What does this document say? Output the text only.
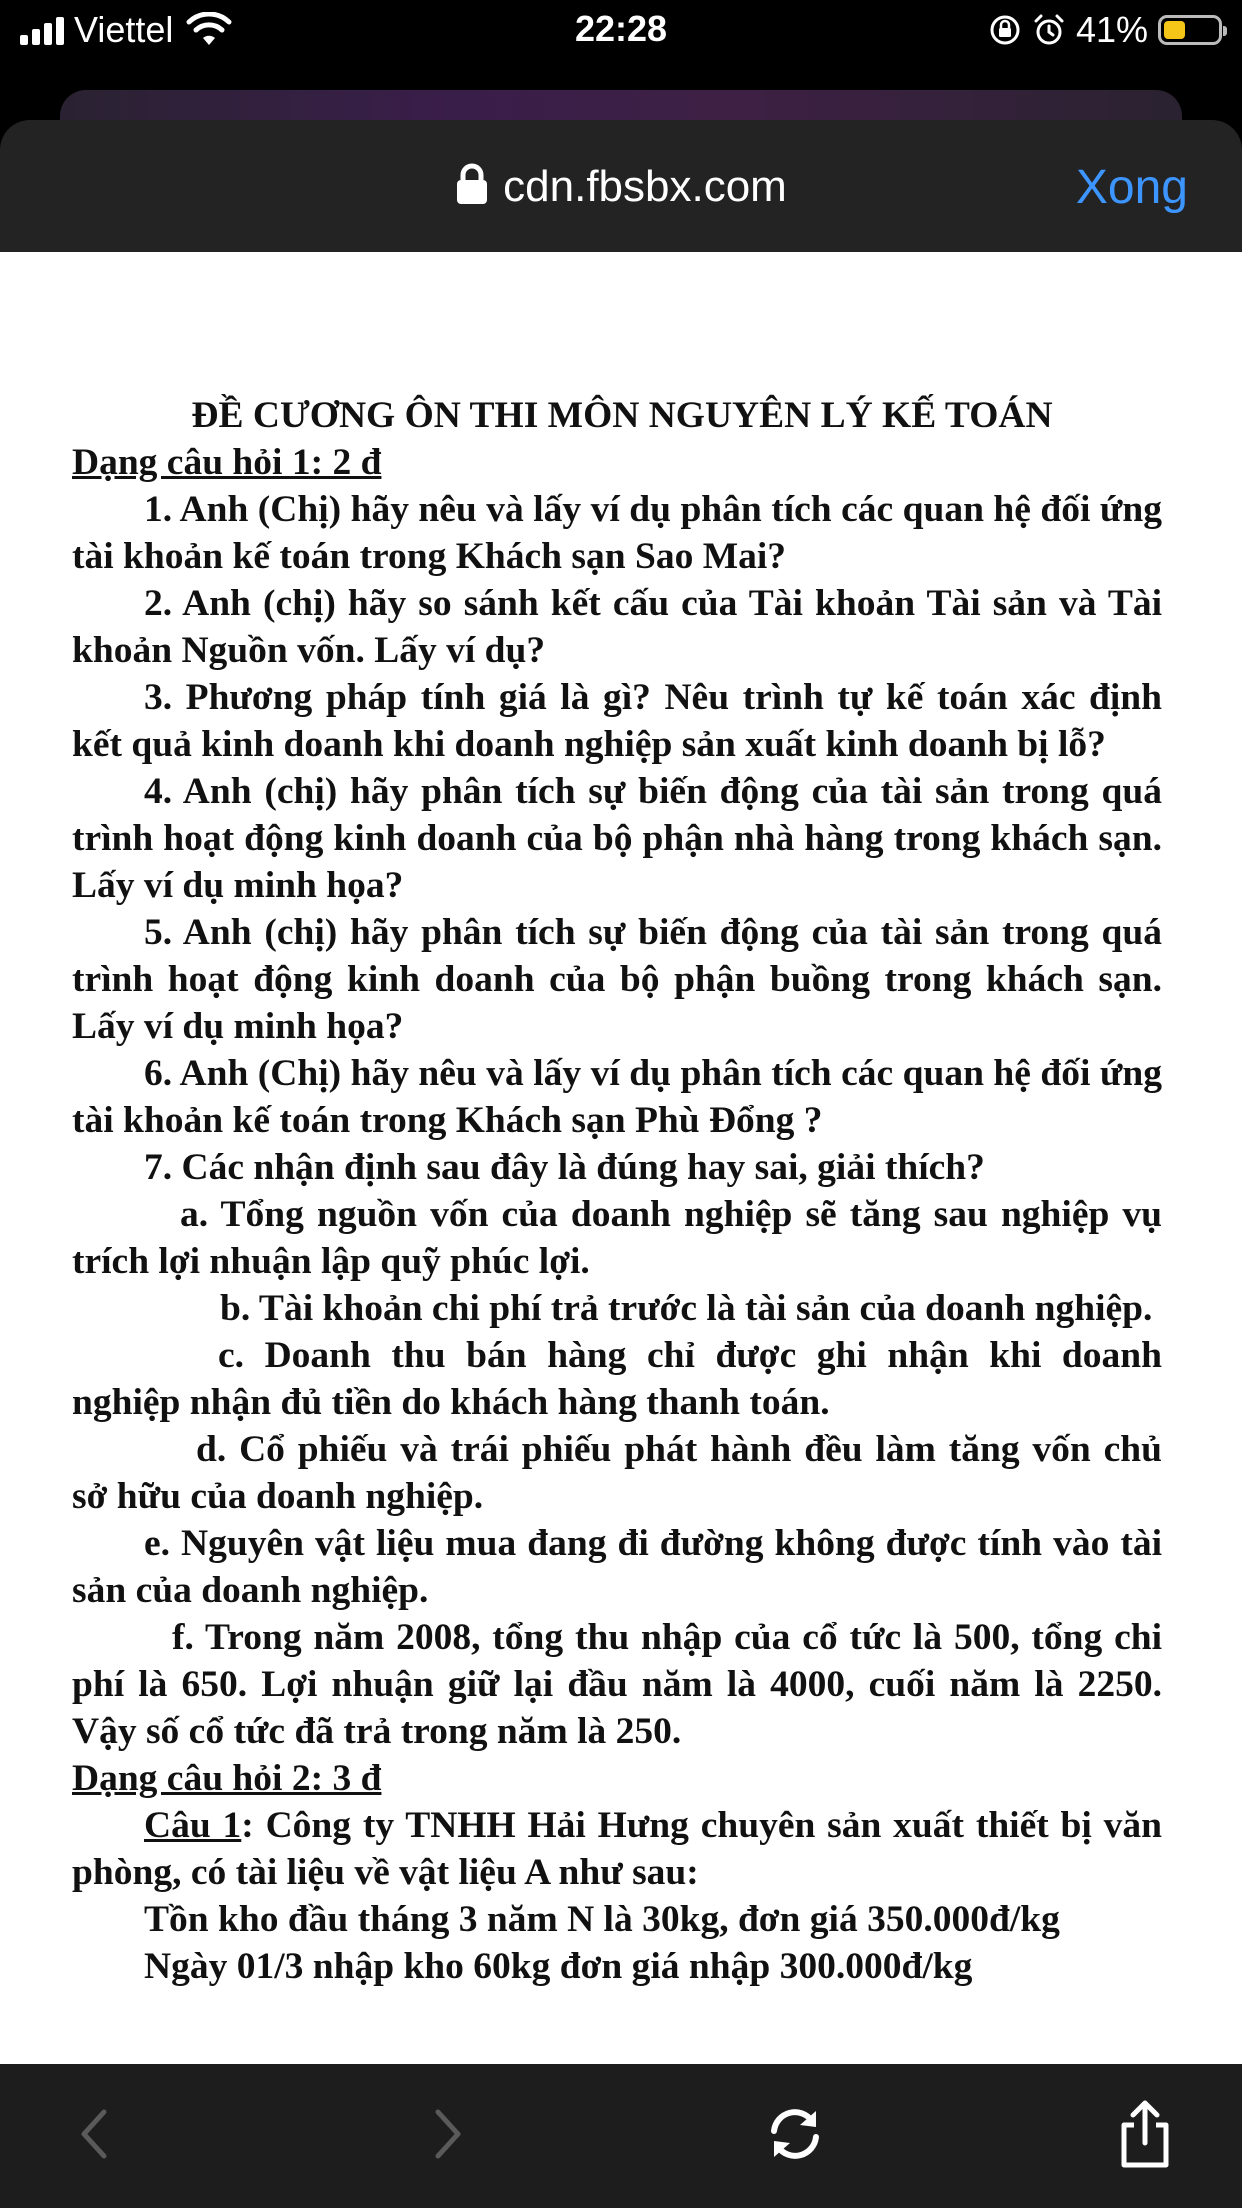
Viettel	22:28	41%
cdn.fbsbx.com	Xong

ĐỀ CƯƠNG ÔN THI MÔN NGUYÊN LÝ KẾ TOÁN

Dạng câu hỏi 1: 2 đ

1. Anh (Chị) hãy nêu và lấy ví dụ phân tích các quan hệ đối ứng tài khoản kế toán trong Khách sạn Sao Mai?

2. Anh (chị) hãy so sánh kết cấu của Tài khoản Tài sản và Tài khoản Nguồn vốn. Lấy ví dụ?

3. Phương pháp tính giá là gì? Nêu trình tự kế toán xác định kết quả kinh doanh khi doanh nghiệp sản xuất kinh doanh bị lỗ?

4. Anh (chị) hãy phân tích sự biến động của tài sản trong quá trình hoạt động kinh doanh của bộ phận nhà hàng trong khách sạn. Lấy ví dụ minh họa?

5. Anh (chị) hãy phân tích sự biến động của tài sản trong quá trình hoạt động kinh doanh của bộ phận buồng trong khách sạn. Lấy ví dụ minh họa?

6. Anh (Chị) hãy nêu và lấy ví dụ phân tích các quan hệ đối ứng tài khoản kế toán trong Khách sạn Phù Đổng ?

7. Các nhận định sau đây là đúng hay sai, giải thích?

a. Tổng nguồn vốn của doanh nghiệp sẽ tăng sau nghiệp vụ trích lợi nhuận lập quỹ phúc lợi.

b. Tài khoản chi phí trả trước là tài sản của doanh nghiệp.

c. Doanh thu bán hàng chỉ được ghi nhận khi doanh nghiệp nhận đủ tiền do khách hàng thanh toán.

d. Cổ phiếu và trái phiếu phát hành đều làm tăng vốn chủ sở hữu của doanh nghiệp.

e. Nguyên vật liệu mua đang đi đường không được tính vào tài sản của doanh nghiệp.

f. Trong năm 2008, tổng thu nhập của cổ tức là 500, tổng chi phí là 650. Lợi nhuận giữ lại đầu năm là 4000, cuối năm là 2250. Vậy số cổ tức đã trả trong năm là 250.

Dạng câu hỏi 2: 3 đ

Câu 1: Công ty TNHH Hải Hưng chuyên sản xuất thiết bị văn phòng, có tài liệu về vật liệu A như sau:

Tồn kho đầu tháng 3 năm N là 30kg, đơn giá 350.000đ/kg

Ngày 01/3 nhập kho 60kg đơn giá nhập 300.000đ/kg
